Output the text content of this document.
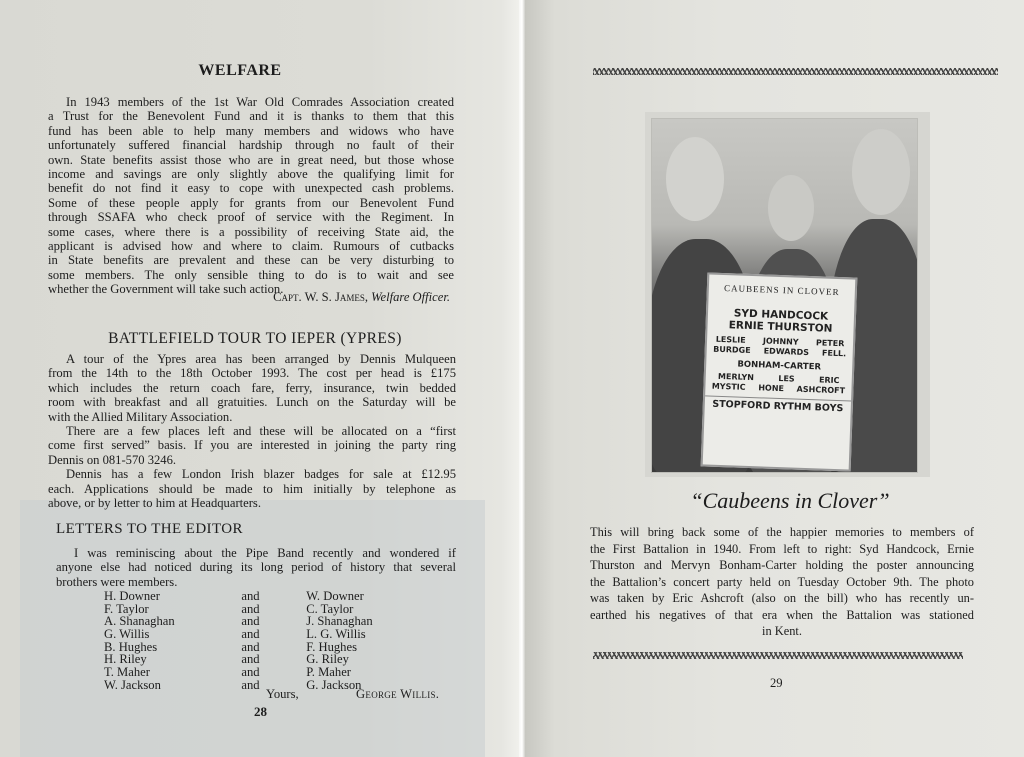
WELFARE
In 1943 members of the 1st War Old Comrades Association created
a Trust for the Benevolent Fund and it is thanks to them that this
fund has been able to help many members and widows who have
unfortunately suffered financial hardship through no fault of their
own. State benefits assist those who are in great need, but those whose
income and savings are only slightly above the qualifying limit for
benefit do not find it easy to cope with unexpected cash problems.
Some of these people apply for grants from our Benevolent Fund
through SSAFA who check proof of service with the Regiment. In
some cases, where there is a possibility of receiving State aid, the
applicant is advised how and where to claim. Rumours of cutbacks
in State benefits are prevalent and these can be very disturbing to
some members. The only sensible thing to do is to wait and see
whether the Government will take such action.
Capt. W. S. James, Welfare Officer.
BATTLEFIELD TOUR TO IEPER (YPRES)
A tour of the Ypres area has been arranged by Dennis Mulqueen
from the 14th to the 18th October 1993. The cost per head is £175
which includes the return coach fare, ferry, insurance, twin bedded
room with breakfast and all gratuities. Lunch on the Saturday will be
with the Allied Military Association.
There are a few places left and these will be allocated on a “first
come first served” basis. If you are interested in joining the party ring
Dennis on 081-570 3246.
Dennis has a few London Irish blazer badges for sale at £12.95
each. Applications should be made to him initially by telephone as
above, or by letter to him at Headquarters.
LETTERS TO THE EDITOR
I was reminiscing about the Pipe Band recently and wondered if
anyone else had noticed during its long period of history that several
brothers were members.
H. Downer	and	W. Downer
F. Taylor	and	C. Taylor
A. Shanaghan	and	J. Shanaghan
G. Willis	and	L. G. Willis
B. Hughes	and	F. Hughes
H. Riley	and	G. Riley
T. Maher	and	P. Maher
W. Jackson	and	G. Jackson
Yours,	George Willis.
28
CAUBEENS IN CLOVER
SYD HANDCOCK
ERNIE THURSTON
LESLIE JOHNNY PETER
BURDGE EDWARDS FELL.
BONHAM-CARTER
MERLYN	LES	ERIC
MYSTIC HONE ASHCROFT
STOPFORD RYTHM BOYS
“Caubeens in Clover”
This will bring back some of the happier memories to members of
the First Battalion in 1940. From left to right: Syd Handcock, Ernie
Thurston and Mervyn Bonham-Carter holding the poster announcing
the Battalion’s concert party held on Tuesday October 9th. The photo
was taken by Eric Ashcroft (also on the bill) who has recently un-
earthed his negatives of that era when the Battalion was stationed
in Kent.
29
